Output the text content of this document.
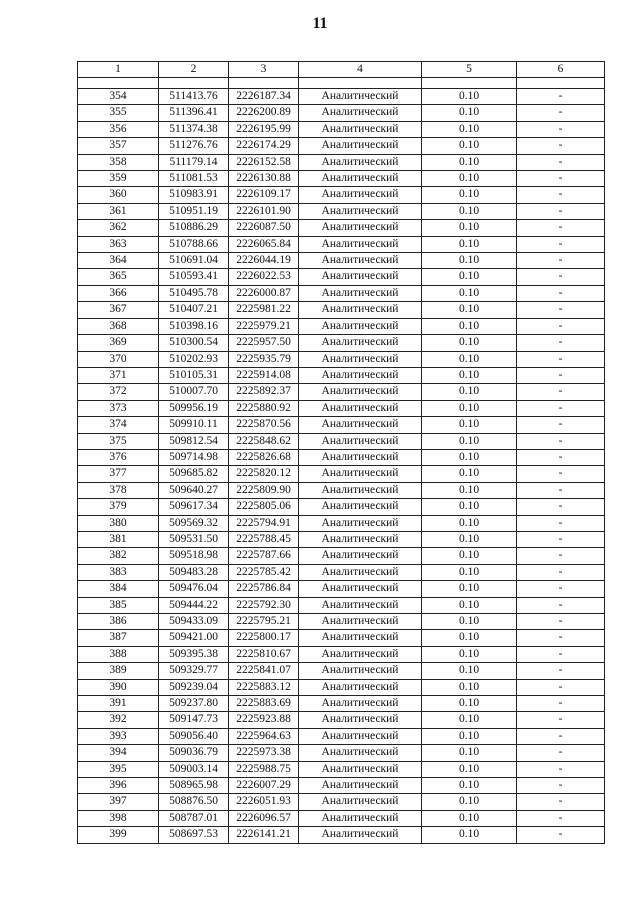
11
1	2	3	4	5	6

354	511413.76	2226187.34	Аналитический	0.10	-
355	511396.41	2226200.89	Аналитический	0.10	-
356	511374.38	2226195.99	Аналитический	0.10	-
357	511276.76	2226174.29	Аналитический	0.10	-
358	511179.14	2226152.58	Аналитический	0.10	-
359	511081.53	2226130.88	Аналитический	0.10	-
360	510983.91	2226109.17	Аналитический	0.10	-
361	510951.19	2226101.90	Аналитический	0.10	-
362	510886.29	2226087.50	Аналитический	0.10	-
363	510788.66	2226065.84	Аналитический	0.10	-
364	510691.04	2226044.19	Аналитический	0.10	-
365	510593.41	2226022.53	Аналитический	0.10	-
366	510495.78	2226000.87	Аналитический	0.10	-
367	510407.21	2225981.22	Аналитический	0.10	-
368	510398.16	2225979.21	Аналитический	0.10	-
369	510300.54	2225957.50	Аналитический	0.10	-
370	510202.93	2225935.79	Аналитический	0.10	-
371	510105.31	2225914.08	Аналитический	0.10	-
372	510007.70	2225892.37	Аналитический	0.10	-
373	509956.19	2225880.92	Аналитический	0.10	-
374	509910.11	2225870.56	Аналитический	0.10	-
375	509812.54	2225848.62	Аналитический	0.10	-
376	509714.98	2225826.68	Аналитический	0.10	-
377	509685.82	2225820.12	Аналитический	0.10	-
378	509640.27	2225809.90	Аналитический	0.10	-
379	509617.34	2225805.06	Аналитический	0.10	-
380	509569.32	2225794.91	Аналитический	0.10	-
381	509531.50	2225788.45	Аналитический	0.10	-
382	509518.98	2225787.66	Аналитический	0.10	-
383	509483.28	2225785.42	Аналитический	0.10	-
384	509476.04	2225786.84	Аналитический	0.10	-
385	509444.22	2225792.30	Аналитический	0.10	-
386	509433.09	2225795.21	Аналитический	0.10	-
387	509421.00	2225800.17	Аналитический	0.10	-
388	509395.38	2225810.67	Аналитический	0.10	-
389	509329.77	2225841.07	Аналитический	0.10	-
390	509239.04	2225883.12	Аналитический	0.10	-
391	509237.80	2225883.69	Аналитический	0.10	-
392	509147.73	2225923.88	Аналитический	0.10	-
393	509056.40	2225964.63	Аналитический	0.10	-
394	509036.79	2225973.38	Аналитический	0.10	-
395	509003.14	2225988.75	Аналитический	0.10	-
396	508965.98	2226007.29	Аналитический	0.10	-
397	508876.50	2226051.93	Аналитический	0.10	-
398	508787.01	2226096.57	Аналитический	0.10	-
399	508697.53	2226141.21	Аналитический	0.10	-
